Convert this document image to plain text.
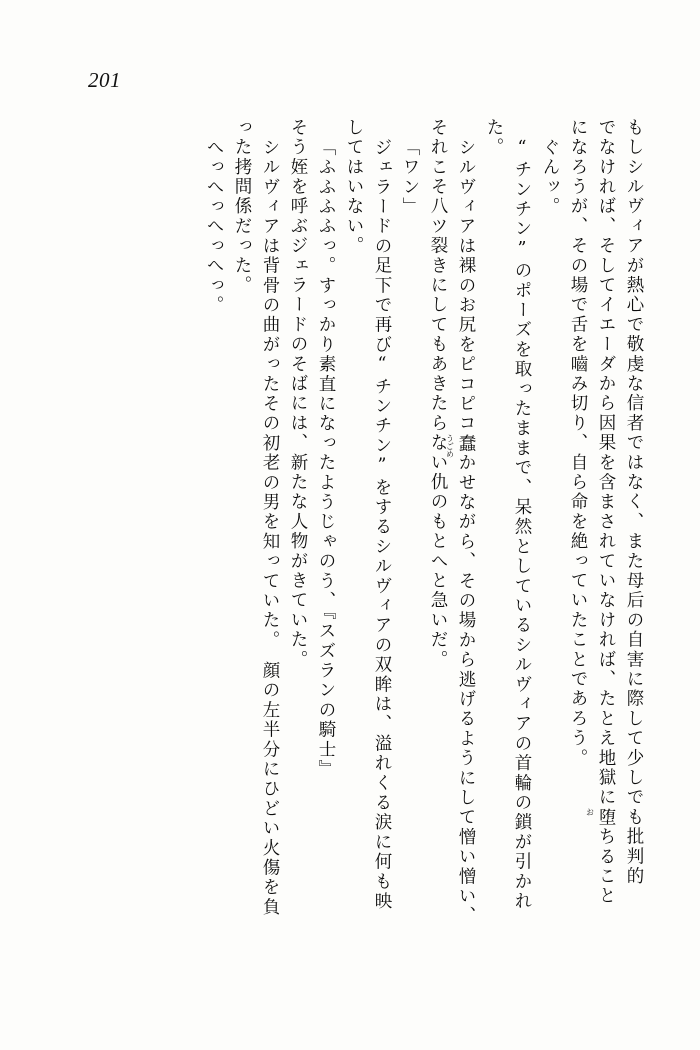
201
もしシルヴィアが熱心で敬虔な信者ではなく、また母后の自害に際して少しでも批判的
でなければ、そしてイエーダから因果を含まされていなければ、たとえ地獄に堕
お
ちること
になろうが、その場で舌を嚙み切り、自ら命を絶っていたことであろう。
ぐんッ。
“チンチン”のポーズを取ったままで、呆然としているシルヴィアの首輪の鎖が引かれ
た。
シルヴィアは裸のお尻をピコピコ蠢
うごめ
かせながら、その場から逃げるようにして憎い憎い、
それこそ八ツ裂きにしてもあきたらない仇のもとへと急いだ。
「ワン」
ジェラードの足下で再び“チンチン”をするシルヴィアの双眸は、溢れくる涙に何も映
してはいない。
「ふふふふっ。すっかり素直になったようじゃのう、『スズランの騎士』
そう姪を呼ぶジェラードのそばには、新たな人物がきていた。
シルヴィアは背骨の曲がったその初老の男を知っていた。　顔の左半分にひどい火傷を負
った拷問係だった。
へっへっへっへっ。
